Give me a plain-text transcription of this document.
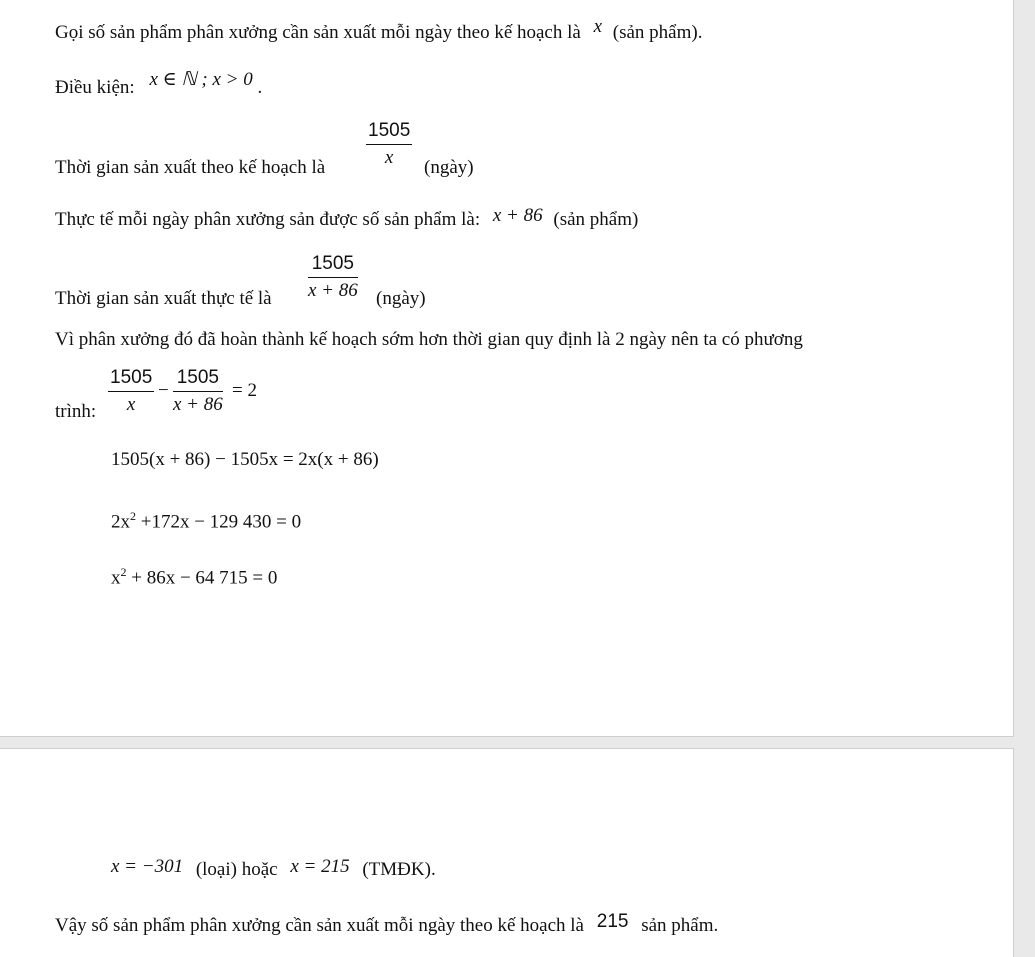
Gọi số sản phẩm phân xưởng cần sản xuất mỗi ngày theo kế hoạch là x (sản phẩm).
Điều kiện: x ∈ ℕ ; x > 0 .
Thời gian sản xuất theo kế hoạch là
1505
x	(ngày)
Thực tế mỗi ngày phân xưởng sản được số sản phẩm là: x + 86 (sản phẩm)
Thời gian sản xuất thực tế là
1505
x + 86 (ngày)
Vì phân xưởng đó đã hoàn thành kế hoạch sớm hơn thời gian quy định là 2 ngày nên ta có phương
trình:
1505
x
−
1505
x + 86
= 2
1505(x + 86) − 1505x = 2x(x + 86)
$2x^2 +172x - 129$ 430 = 0
$x^2 + 86x - 64$ 715 = 0
x = −301 (loại) hoặc x = 215 (TMĐK).
Vậy số sản phẩm phân xưởng cần sản xuất mỗi ngày theo kế hoạch là 215 sản phẩm.
